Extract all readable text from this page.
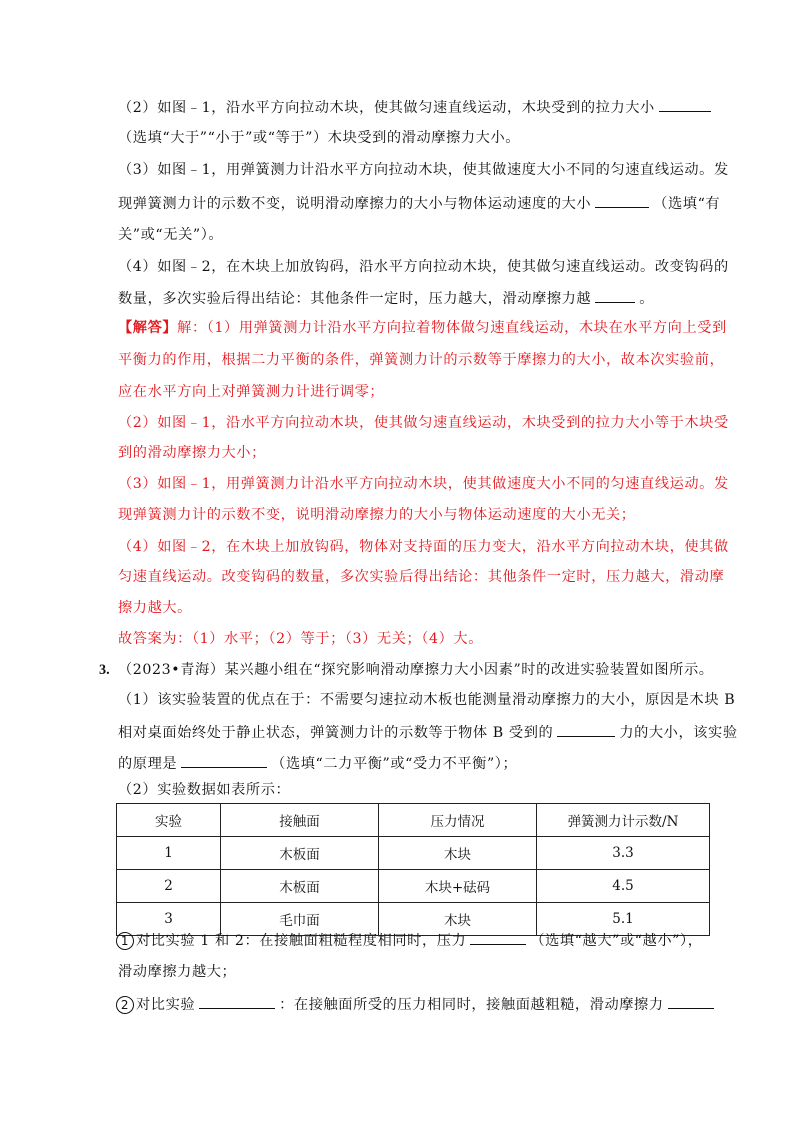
（2）如图﹣1，沿水平方向拉动木块，使其做匀速直线运动，木块受到的拉力大小
（选填“大于”“小于”或“等于”）木块受到的滑动摩擦力大小。
（3）如图﹣1，用弹簧测力计沿水平方向拉动木块，使其做速度大小不同的匀速直线运动。发
现弹簧测力计的示数不变，说明滑动摩擦力的大小与物体运动速度的大小	（选填“有
关”或“无关”）。
（4）如图﹣2，在木块上加放钩码，沿水平方向拉动木块，使其做匀速直线运动。改变钩码的
数量，多次实验后得出结论：其他条件一定时，压力越大，滑动摩擦力越	。
【解答】解：（1）用弹簧测力计沿水平方向拉着物体做匀速直线运动，木块在水平方向上受到
平衡力的作用，根据二力平衡的条件，弹簧测力计的示数等于摩擦力的大小，故本次实验前，
应在水平方向上对弹簧测力计进行调零；
（2）如图﹣1，沿水平方向拉动木块，使其做匀速直线运动，木块受到的拉力大小等于木块受
到的滑动摩擦力大小；
（3）如图﹣1，用弹簧测力计沿水平方向拉动木块，使其做速度大小不同的匀速直线运动。发
现弹簧测力计的示数不变，说明滑动摩擦力的大小与物体运动速度的大小无关；
（4）如图﹣2，在木块上加放钩码，物体对支持面的压力变大，沿水平方向拉动木块，使其做
匀速直线运动。改变钩码的数量，多次实验后得出结论：其他条件一定时，压力越大，滑动摩
擦力越大。
故答案为：（1）水平；（2）等于；（3）无关；（4）大。
3. （2023•青海）某兴趣小组在“探究影响滑动摩擦力大小因素”时的改进实验装置如图所示。
（1）该实验装置的优点在于：不需要匀速拉动木板也能测量滑动摩擦力的大小，原因是木块 B
相对桌面始终处于静止状态，弹簧测力计的示数等于物体 B 受到的	力的大小，该实验
的原理是	（选填“二力平衡”或“受力不平衡”）；
（2）实验数据如表所示：
实验	接触面	压力情况	弹簧测力计示数/N
1	木板面	木块	3.3
2	木板面	木块+砝码	4.5
3	毛巾面	木块	5.1
1 对比实验 1 和 2：在接触面粗糙程度相同时，压力	（选填“越大”或“越小”），
滑动摩擦力越大；
2 对比实验	：在接触面所受的压力相同时，接触面越粗糙，滑动摩擦力
